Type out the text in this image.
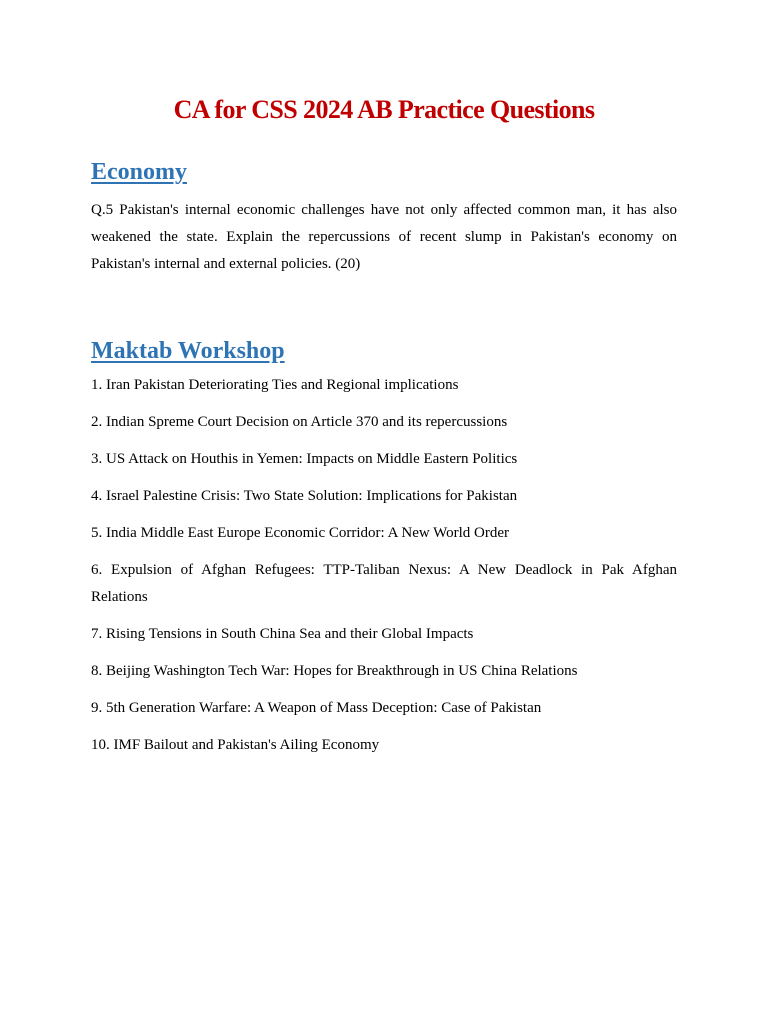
CA for CSS 2024 AB Practice Questions
Economy

Q.5 Pakistan's internal economic challenges have not only affected common man, it has also weakened the state. Explain the repercussions of recent slump in Pakistan's economy on Pakistan's internal and external policies. (20)

Maktab Workshop
1. Iran Pakistan Deteriorating Ties and Regional implications
2. Indian Spreme Court Decision on Article 370 and its repercussions
3. US Attack on Houthis in Yemen: Impacts on Middle Eastern Politics
4. Israel Palestine Crisis: Two State Solution: Implications for Pakistan
5. India Middle East Europe Economic Corridor: A New World Order
6. Expulsion of Afghan Refugees: TTP-Taliban Nexus: A New Deadlock in Pak Afghan Relations
7. Rising Tensions in South China Sea and their Global Impacts
8. Beijing Washington Tech War: Hopes for Breakthrough in US China Relations
9. 5th Generation Warfare: A Weapon of Mass Deception: Case of Pakistan
10. IMF Bailout and Pakistan's Ailing Economy
